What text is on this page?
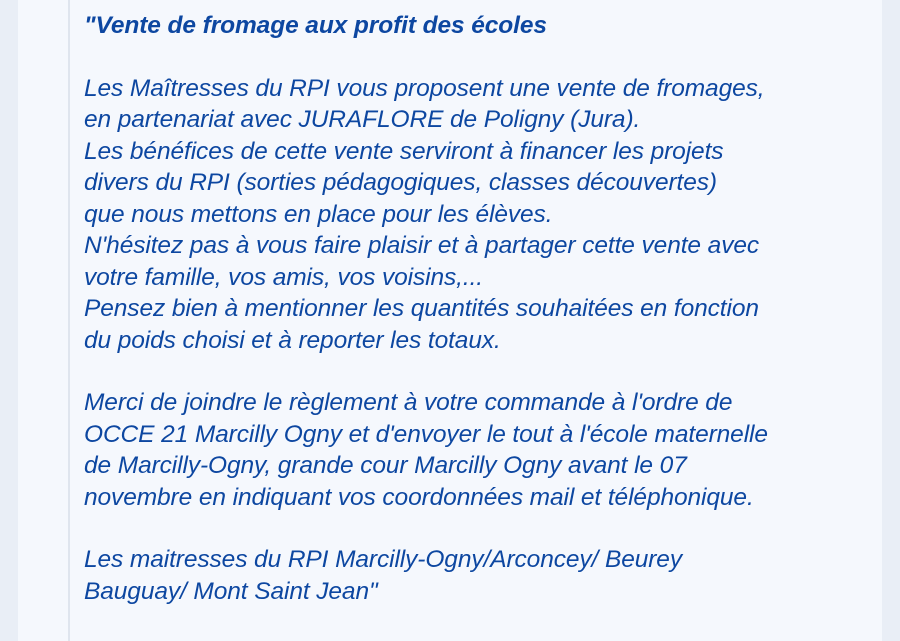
"Vente de fromage aux profit des écoles
Les Maîtresses du RPI vous proposent une vente de fromages,
en partenariat avec JURAFLORE de Poligny (Jura).
Les bénéfices de cette vente serviront à financer les projets
divers du RPI (sorties pédagogiques, classes découvertes)
que nous mettons en place pour les élèves.
N'hésitez pas à vous faire plaisir et à partager cette vente avec
votre famille, vos amis, vos voisins,...
Pensez bien à mentionner les quantités souhaitées en fonction
du poids choisi et à reporter les totaux.
Merci de joindre le règlement à votre commande à l'ordre de
OCCE 21 Marcilly Ogny et d'envoyer le tout à l'école maternelle
de Marcilly-Ogny, grande cour Marcilly Ogny avant le 07
novembre en indiquant vos coordonnées mail et téléphonique.
Les maitresses du RPI Marcilly-Ogny/Arconcey/ Beurey
Bauguay/ Mont Saint Jean"
